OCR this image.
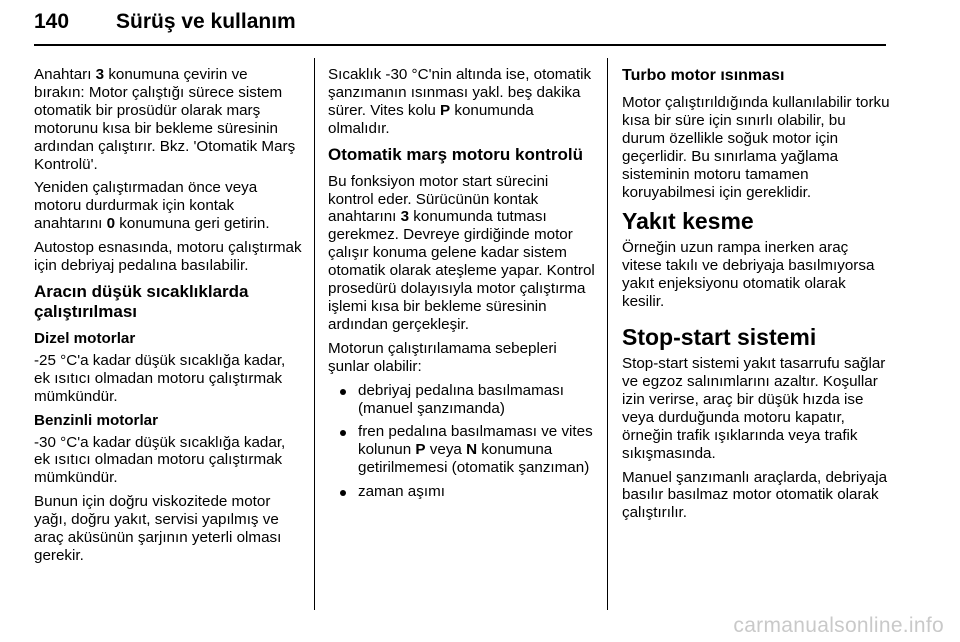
140 Sürüş ve kullanım

Anahtarı 3 konumuna çevirin ve bırakın: Motor çalıştığı sürece sistem otomatik bir prosüdür olarak marş motorunu kısa bir bekleme süresinin ardından çalıştırır. Bkz. 'Otomatik Marş Kontrolü'.

Yeniden çalıştırmadan önce veya motoru durdurmak için kontak anahtarını 0 konumuna geri getirin.

Autostop esnasında, motoru çalıştırmak için debriyaj pedalına basılabilir.

Aracın düşük sıcaklıklarda çalıştırılması
Dizel motorlar

-25 °C'a kadar düşük sıcaklığa kadar, ek ısıtıcı olmadan motoru çalıştırmak mümkündür.

Benzinli motorlar

-30 °C'a kadar düşük sıcaklığa kadar, ek ısıtıcı olmadan motoru çalıştırmak mümkündür.

Bunun için doğru viskozitede motor yağı, doğru yakıt, servisi yapılmış ve araç aküsünün şarjının yeterli olması gerekir.

Sıcaklık -30 °C'nin altında ise, otomatik şanzımanın ısınması yakl. beş dakika sürer. Vites kolu P konumunda olmalıdır.

Otomatik marş motoru kontrolü

Bu fonksiyon motor start sürecini kontrol eder. Sürücünün kontak anahtarını 3 konumunda tutması gerekmez. Devreye girdiğinde motor çalışır konuma gelene kadar sistem otomatik olarak ateşleme yapar. Kontrol prosedürü dolayısıyla motor çalıştırma işlemi kısa bir bekleme süresinin ardından gerçekleşir.

Motorun çalıştırılamama sebepleri şunlar olabilir:

debriyaj pedalına basılmaması (manuel şanzımanda)
fren pedalına basılmaması ve vites kolunun P veya N konumuna getirilmemesi (otomatik şanzıman)
zaman aşımı
Turbo motor ısınması

Motor çalıştırıldığında kullanılabilir torku kısa bir süre için sınırlı olabilir, bu durum özellikle soğuk motor için geçerlidir. Bu sınırlama yağlama sisteminin motoru tamamen koruyabilmesi için gereklidir.

Yakıt kesme

Örneğin uzun rampa inerken araç vitese takılı ve debriyaja basılmıyorsa yakıt enjeksiyonu otomatik olarak kesilir.

Stop-start sistemi

Stop-start sistemi yakıt tasarrufu sağlar ve egzoz salınımlarını azaltır. Koşullar izin verirse, araç bir düşük hızda ise veya durduğunda motoru kapatır, örneğin trafik ışıklarında veya trafik sıkışmasında.

Manuel şanzımanlı araçlarda, debriyaja basılır basılmaz motor otomatik olarak çalıştırılır.

carmanualsonline.info
